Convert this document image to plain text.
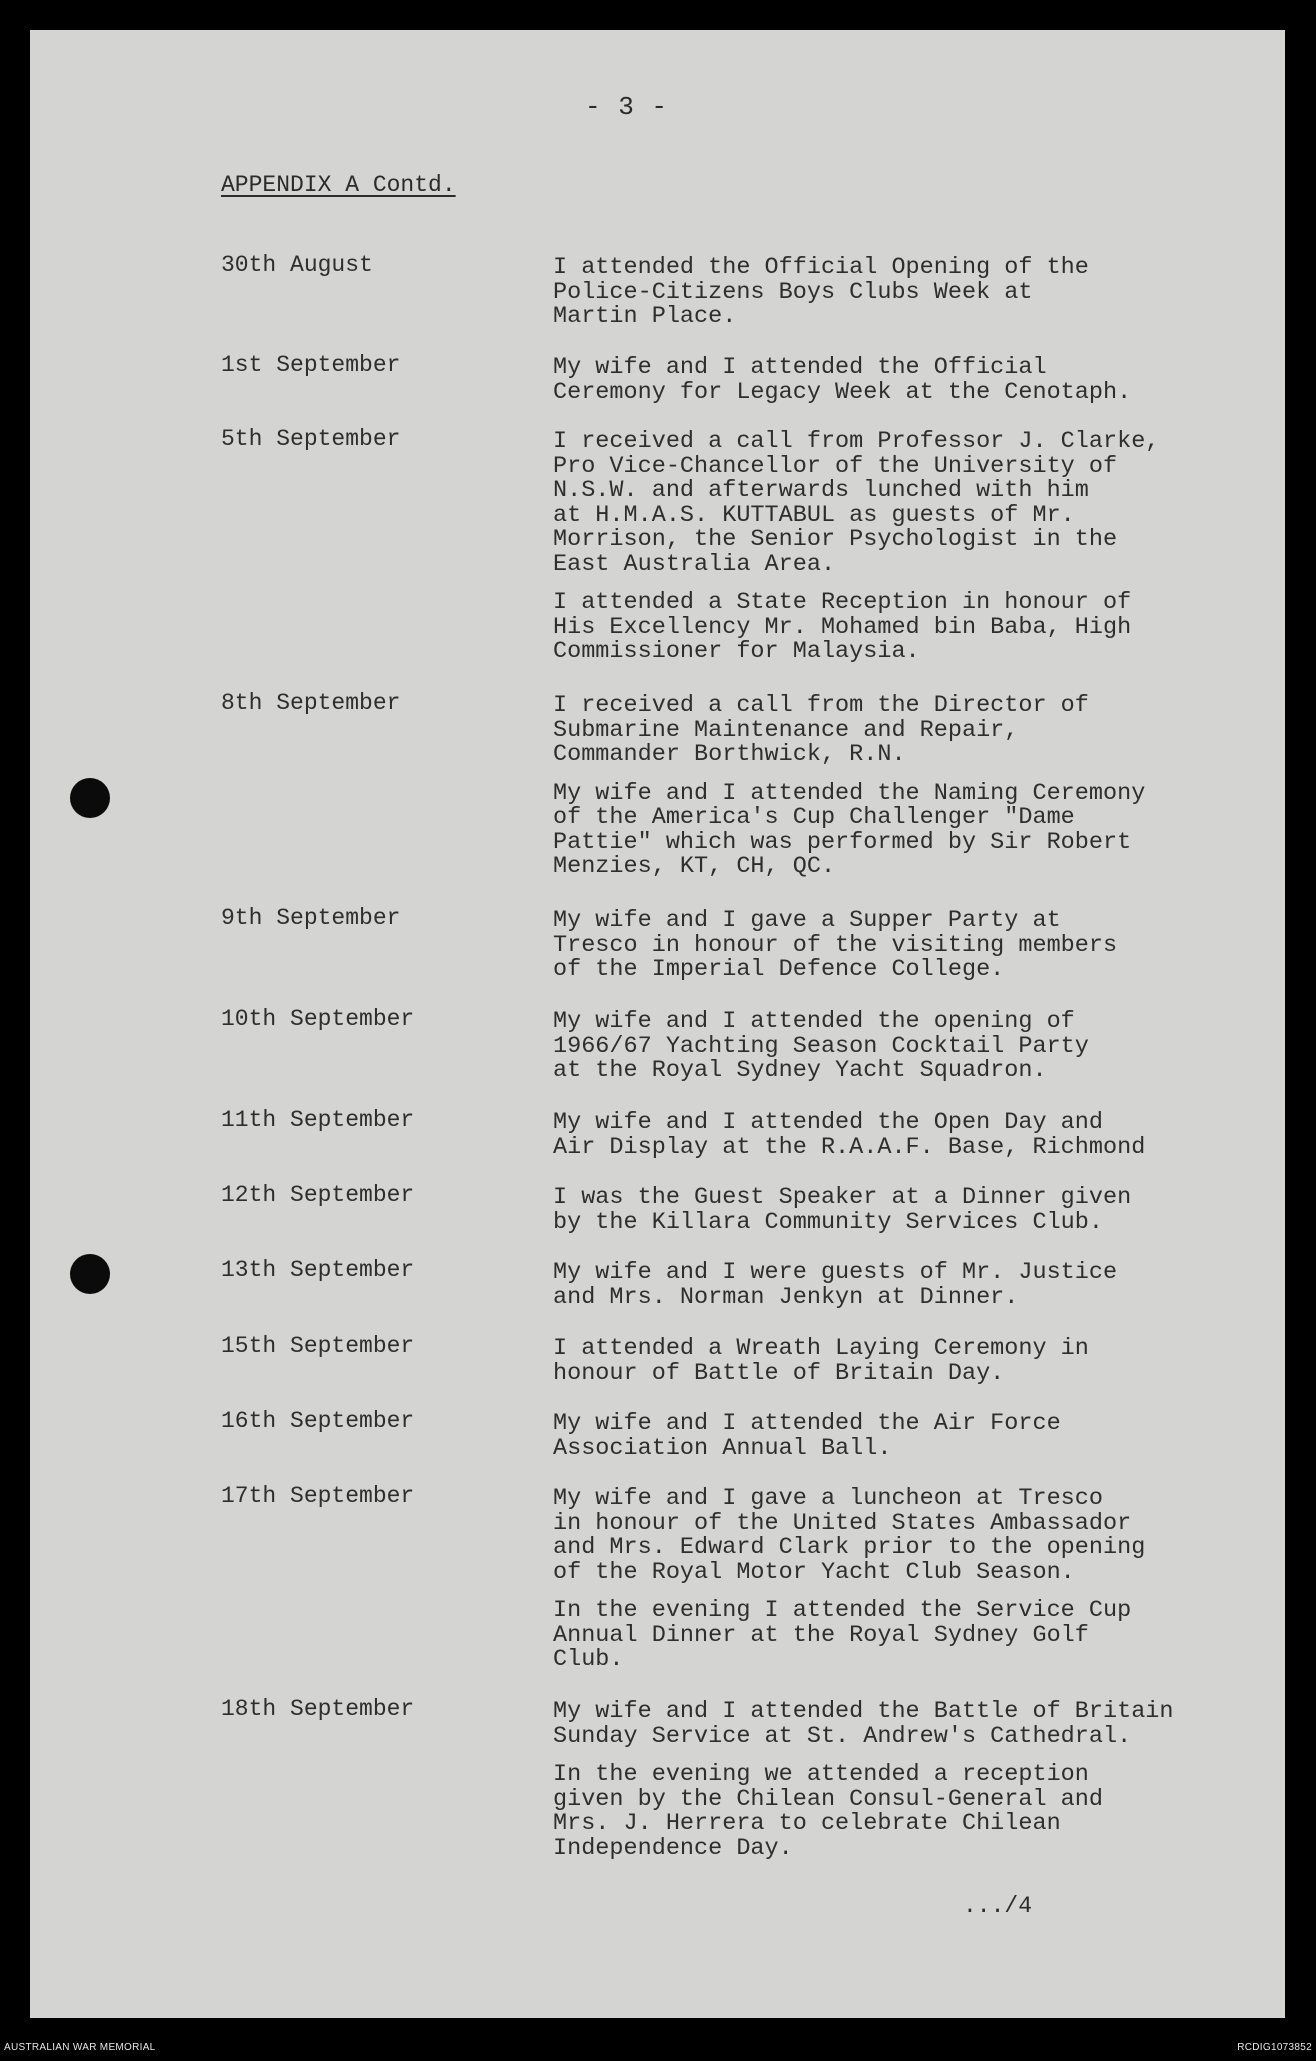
- 3 -
APPENDIX A Contd.
30th August	I attended the Official Opening of the
Police-Citizens Boys Clubs Week at
Martin Place.

1st September	My wife and I attended the Official
Ceremony for Legacy Week at the Cenotaph.

5th September	I received a call from Professor J. Clarke,
Pro Vice-Chancellor of the University of
N.S.W. and afterwards lunched with him
at H.M.A.S. KUTTABUL as guests of Mr.
Morrison, the Senior Psychologist in the
East Australia Area.

I attended a State Reception in honour of
His Excellency Mr. Mohamed bin Baba, High
Commissioner for Malaysia.

8th September	I received a call from the Director of
Submarine Maintenance and Repair,
Commander Borthwick, R.N.

My wife and I attended the Naming Ceremony
of the America's Cup Challenger "Dame
Pattie" which was performed by Sir Robert
Menzies, KT, CH, QC.

9th September	My wife and I gave a Supper Party at
Tresco in honour of the visiting members
of the Imperial Defence College.

10th September	My wife and I attended the opening of
1966/67 Yachting Season Cocktail Party
at the Royal Sydney Yacht Squadron.

11th September	My wife and I attended the Open Day and
Air Display at the R.A.A.F. Base, Richmond

12th September	I was the Guest Speaker at a Dinner given
by the Killara Community Services Club.

13th September	My wife and I were guests of Mr. Justice
and Mrs. Norman Jenkyn at Dinner.

15th September	I attended a Wreath Laying Ceremony in
honour of Battle of Britain Day.

16th September	My wife and I attended the Air Force
Association Annual Ball.

17th September	My wife and I gave a luncheon at Tresco
in honour of the United States Ambassador
and Mrs. Edward Clark prior to the opening
of the Royal Motor Yacht Club Season.

In the evening I attended the Service Cup
Annual Dinner at the Royal Sydney Golf
Club.

18th September	My wife and I attended the Battle of Britain
Sunday Service at St. Andrew's Cathedral.

In the evening we attended a reception
given by the Chilean Consul-General and
Mrs. J. Herrera to celebrate Chilean
Independence Day.

.../4
AUSTRALIAN WAR MEMORIAL	RCDIG1073852
